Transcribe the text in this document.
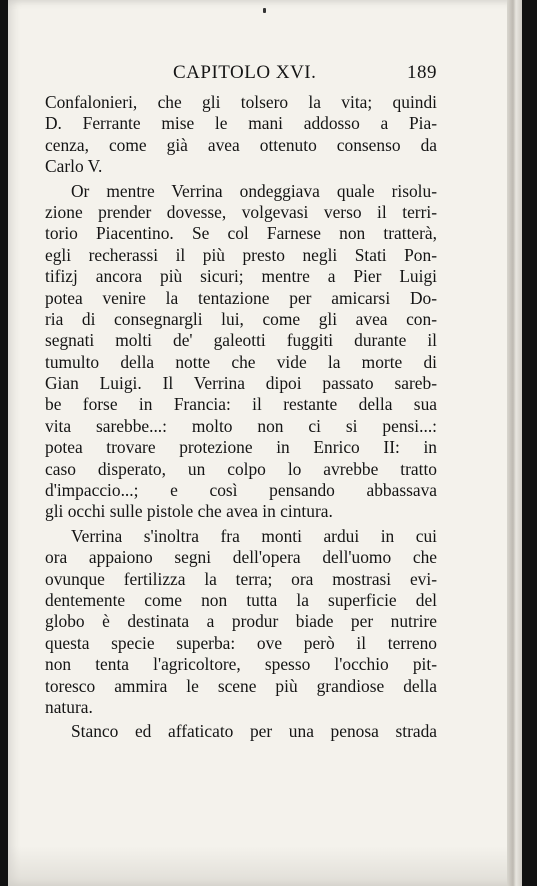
CAPITOLO XVI.	189
Confalonieri, che gli tolsero la vita; quindi
D. Ferrante mise le mani addosso a Pia-
cenza, come già avea ottenuto consenso da
Carlo V.
Or mentre Verrina ondeggiava quale risolu-
zione prender dovesse, volgevasi verso il terri-
torio Piacentino. Se col Farnese non tratterà,
egli recherassi il più presto negli Stati Pon-
tifizj ancora più sicuri; mentre a Pier Luigi
potea venire la tentazione per amicarsi Do-
ria di consegnargli lui, come gli avea con-
segnati molti de' galeotti fuggiti durante il
tumulto della notte che vide la morte di
Gian Luigi. Il Verrina dipoi passato sareb-
be forse in Francia: il restante della sua
vita sarebbe...: molto non ci si pensi...:
potea trovare protezione in Enrico II: in
caso disperato, un colpo lo avrebbe tratto
d'impaccio...; e così pensando abbassava
gli occhi sulle pistole che avea in cintura.
Verrina s'inoltra fra monti ardui in cui
ora appaiono segni dell'opera dell'uomo che
ovunque fertilizza la terra; ora mostrasi evi-
dentemente come non tutta la superficie del
globo è destinata a produr biade per nutrire
questa specie superba: ove però il terreno
non tenta l'agricoltore, spesso l'occhio pit-
toresco ammira le scene più grandiose della
natura.
Stanco ed affaticato per una penosa strada
